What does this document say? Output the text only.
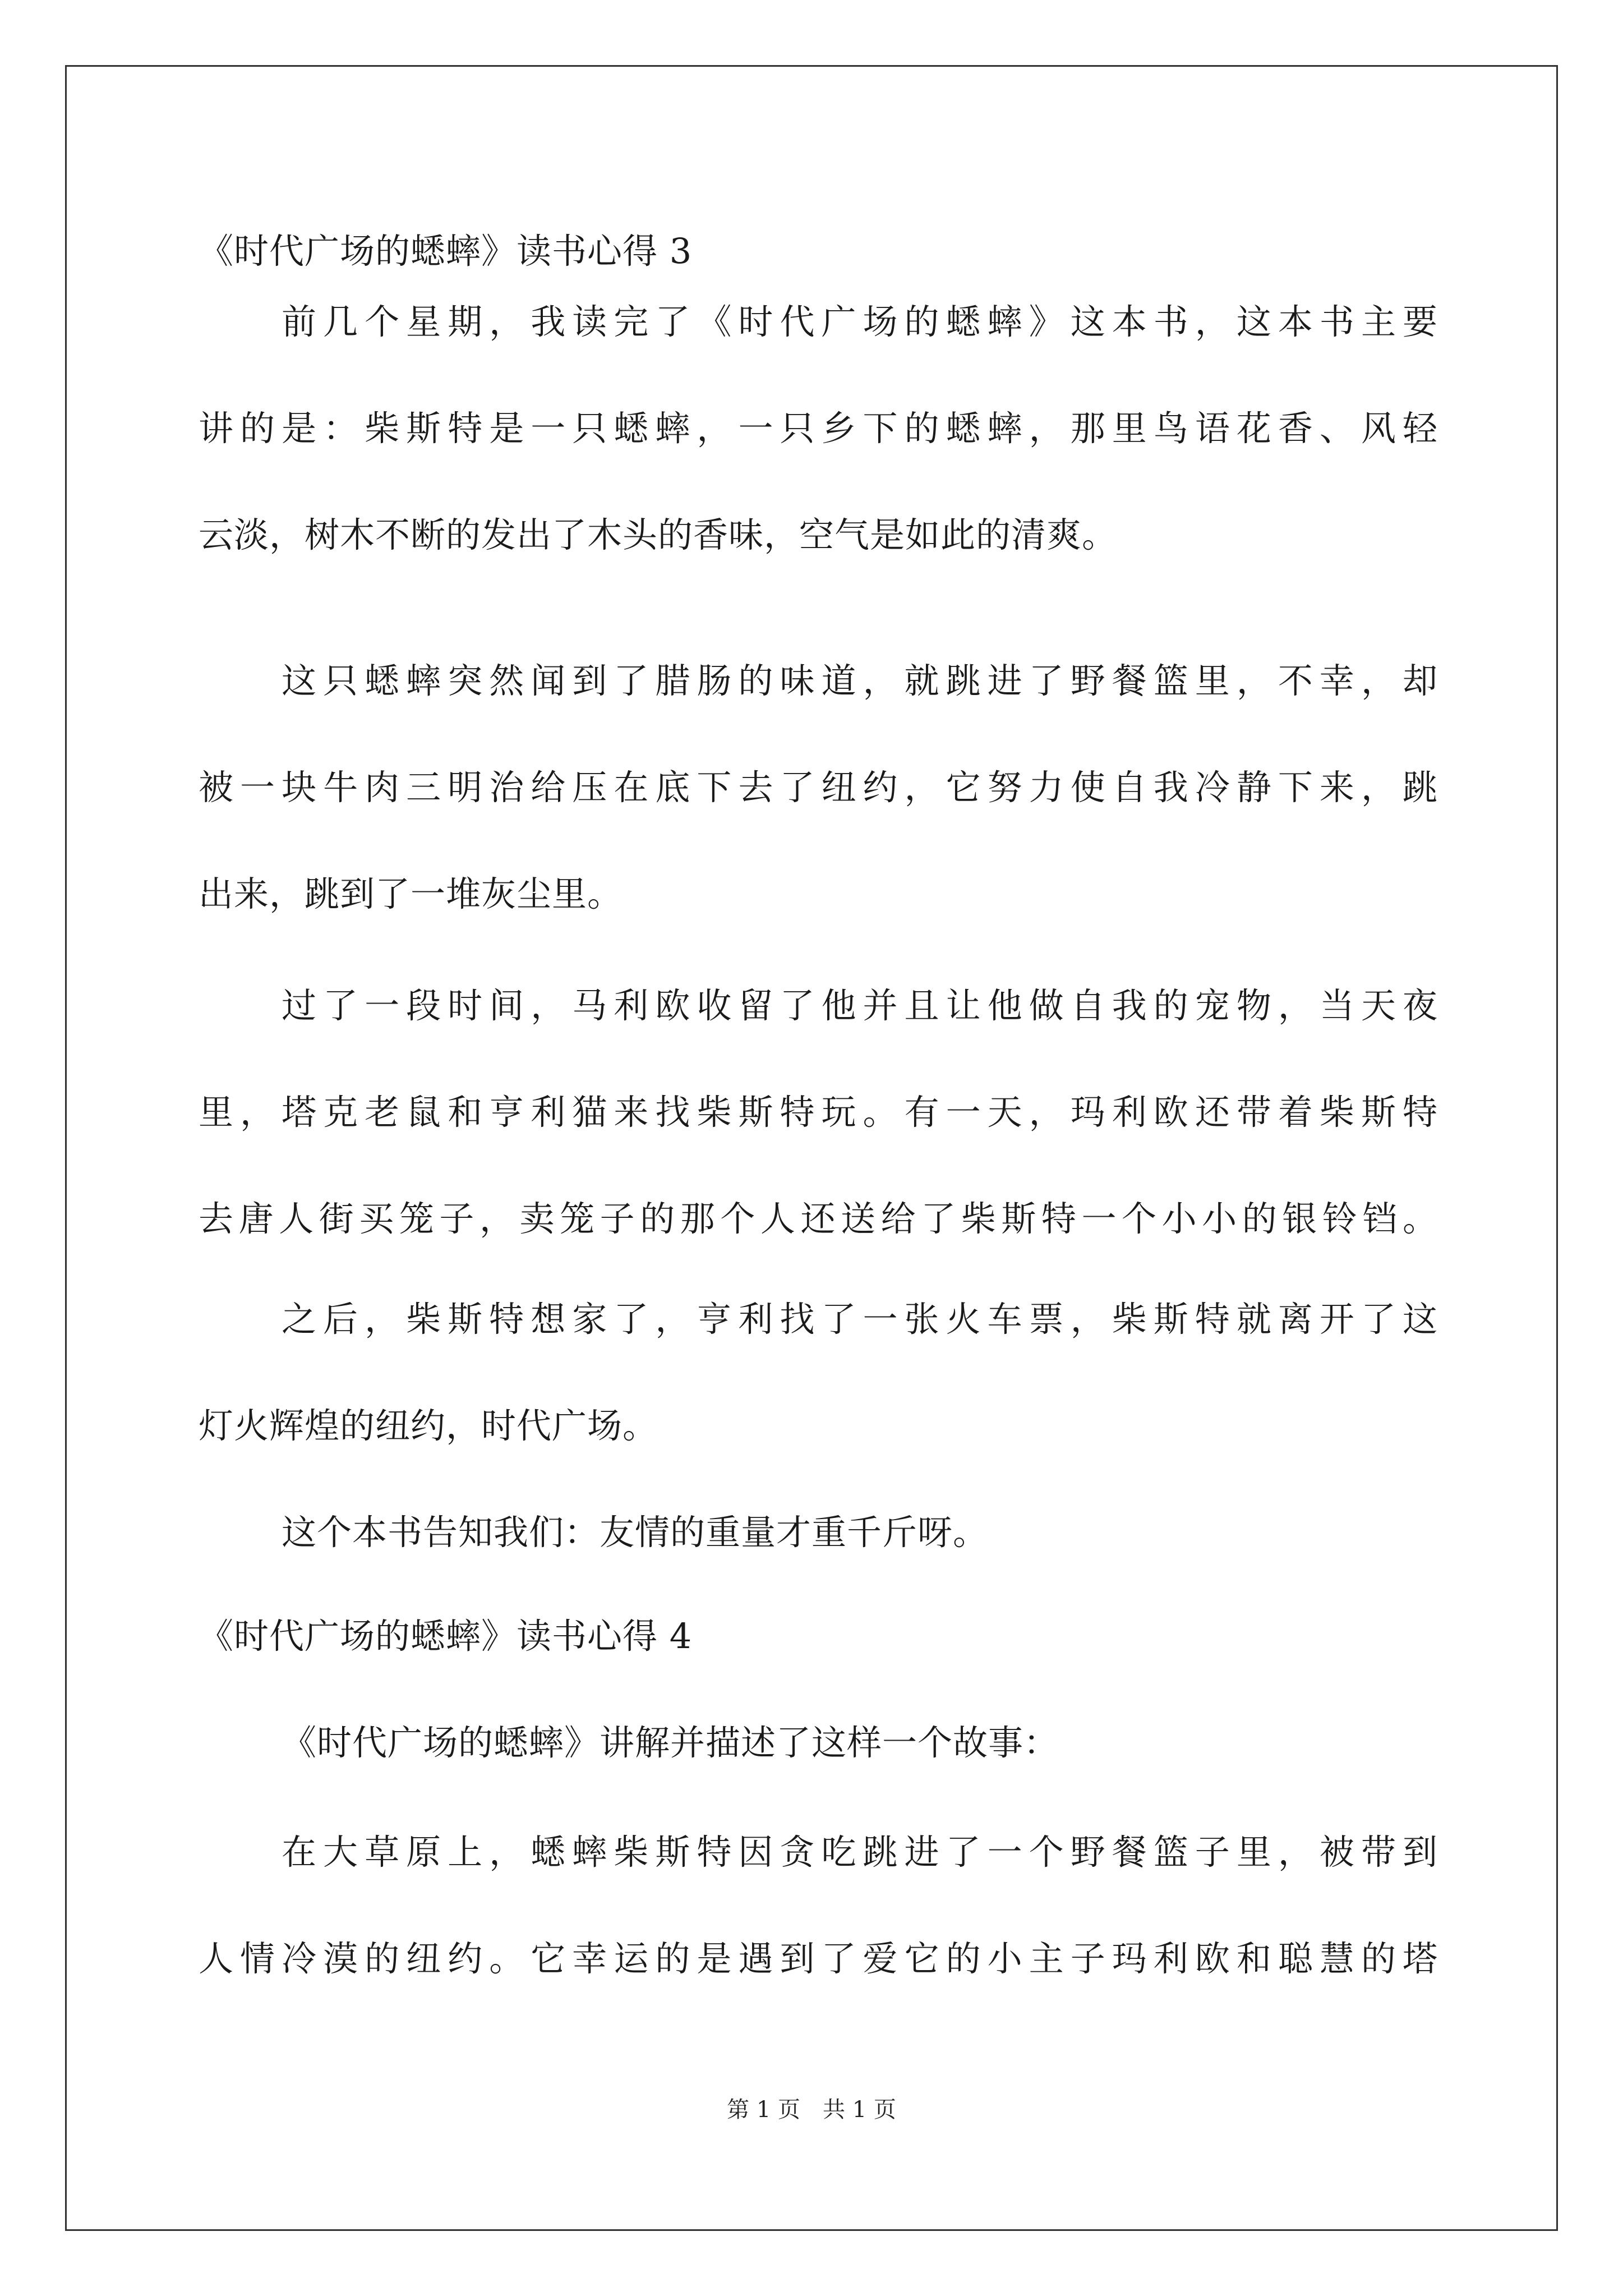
《时代广场的蟋蟀》读书心得 3
前几个星期，我读完了《时代广场的蟋蟀》这本书，这本书主要
讲的是：柴斯特是一只蟋蟀，一只乡下的蟋蟀，那里鸟语花香、风轻
云淡，树木不断的发出了木头的香味，空气是如此的清爽。
这只蟋蟀突然闻到了腊肠的味道，就跳进了野餐篮里，不幸，却
被一块牛肉三明治给压在底下去了纽约，它努力使自我冷静下来，跳
出来，跳到了一堆灰尘里。
过了一段时间，马利欧收留了他并且让他做自我的宠物，当天夜
里，塔克老鼠和亨利猫来找柴斯特玩。有一天，玛利欧还带着柴斯特
去唐人街买笼子，卖笼子的那个人还送给了柴斯特一个小小的银铃铛。
之后，柴斯特想家了，亨利找了一张火车票，柴斯特就离开了这
灯火辉煌的纽约，时代广场。
这个本书告知我们：友情的重量才重千斤呀。
《时代广场的蟋蟀》读书心得 4
《时代广场的蟋蟀》讲解并描述了这样一个故事：
在大草原上，蟋蟀柴斯特因贪吃跳进了一个野餐篮子里，被带到
人情冷漠的纽约。它幸运的是遇到了爱它的小主子玛利欧和聪慧的塔
第 1 页　共 1 页
